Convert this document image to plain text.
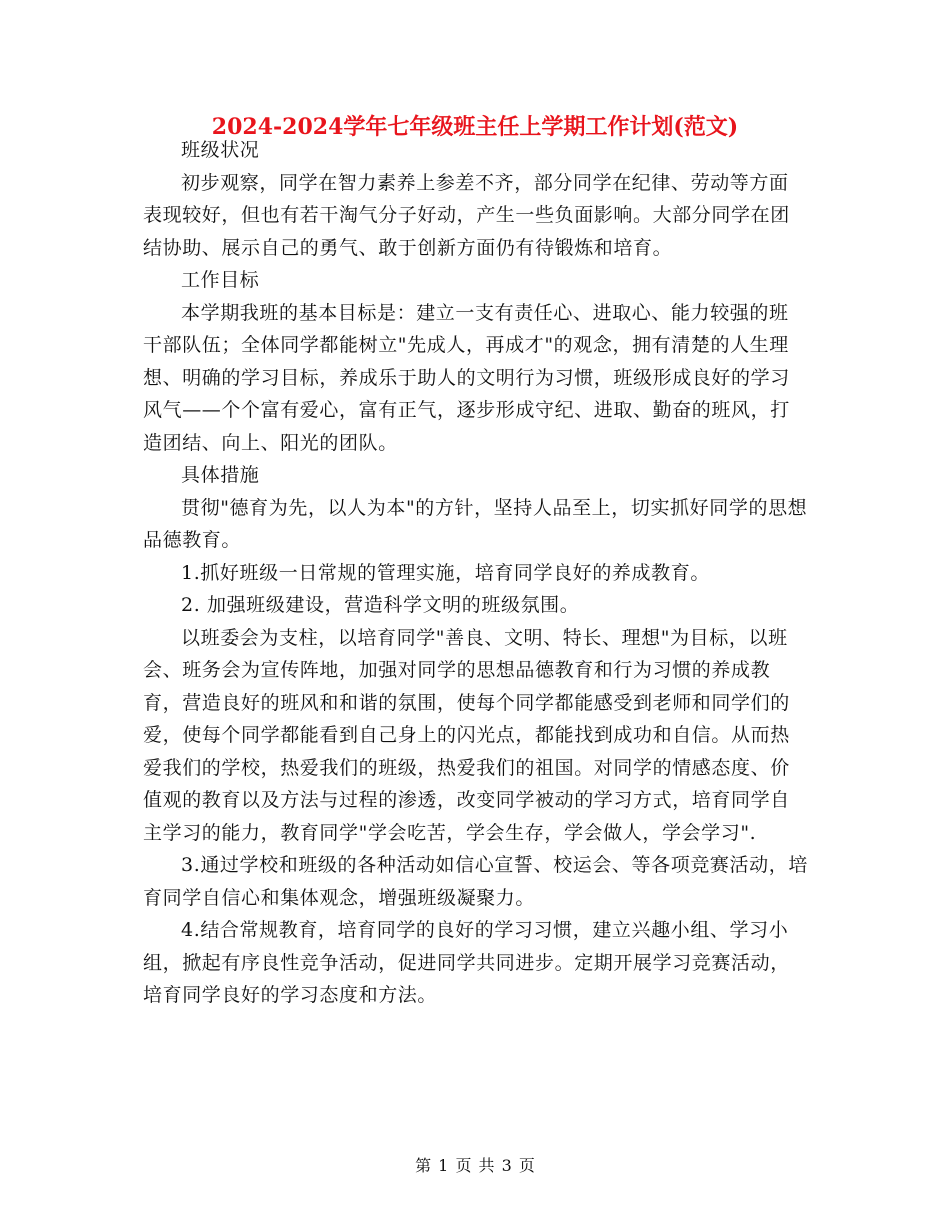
2024-2024学年七年级班主任上学期工作计划(范文)

班级状况

初步观察，同学在智力素养上参差不齐，部分同学在纪律、劳动等方面表现较好，但也有若干淘气分子好动，产生一些负面影响。大部分同学在团结协助、展示自己的勇气、敢于创新方面仍有待锻炼和培育。

工作目标

本学期我班的基本目标是：建立一支有责任心、进取心、能力较强的班干部队伍；全体同学都能树立"先成人，再成才"的观念，拥有清楚的人生理想、明确的学习目标，养成乐于助人的文明行为习惯，班级形成良好的学习风气——个个富有爱心，富有正气，逐步形成守纪、进取、勤奋的班风，打造团结、向上、阳光的团队。

具体措施

贯彻"德育为先，以人为本"的方针，坚持人品至上，切实抓好同学的思想品德教育。

1.抓好班级一日常规的管理实施，培育同学良好的养成教育。

2. 加强班级建设，营造科学文明的班级氛围。

以班委会为支柱，以培育同学"善良、文明、特长、理想"为目标，以班会、班务会为宣传阵地，加强对同学的思想品德教育和行为习惯的养成教育，营造良好的班风和和谐的氛围，使每个同学都能感受到老师和同学们的爱，使每个同学都能看到自己身上的闪光点，都能找到成功和自信。从而热爱我们的学校，热爱我们的班级，热爱我们的祖国。对同学的情感态度、价值观的教育以及方法与过程的渗透，改变同学被动的学习方式，培育同学自主学习的能力，教育同学"学会吃苦，学会生存，学会做人，学会学习".

3.通过学校和班级的各种活动如信心宣誓、校运会、等各项竞赛活动，培育同学自信心和集体观念，增强班级凝聚力。

4.结合常规教育，培育同学的良好的学习习惯，建立兴趣小组、学习小组，掀起有序良性竞争活动，促进同学共同进步。定期开展学习竞赛活动，培育同学良好的学习态度和方法。

第 1 页 共 3 页
